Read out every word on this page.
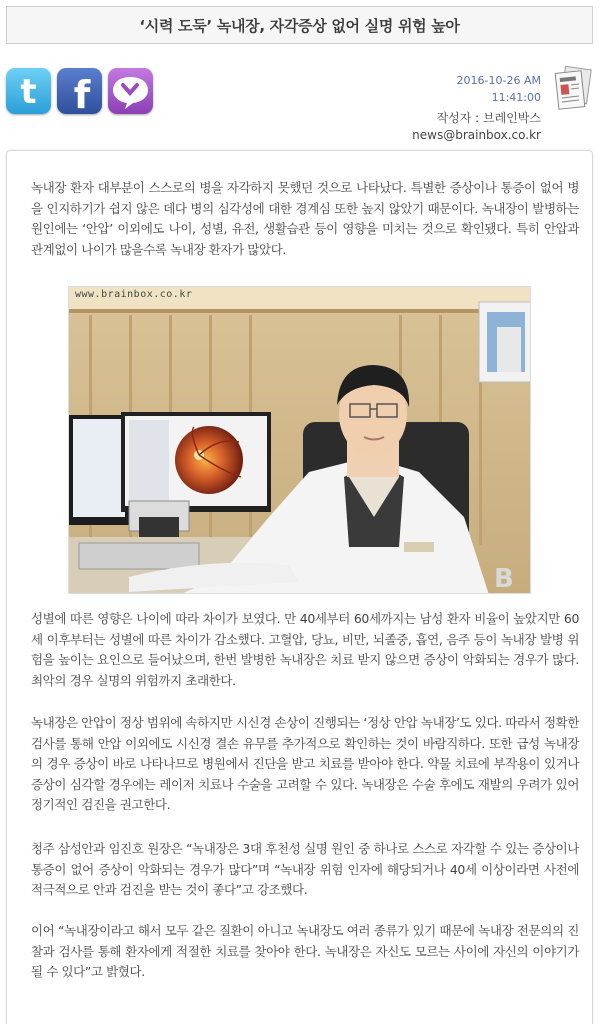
‘시력 도둑’ 녹내장, 자각증상 없어 실명 위험 높아
t f	2016-10-26 AM
11:41:00
작성자 : 브레인박스
news@brainbox.co.kr

녹내장 환자 대부분이 스스로의 병을 자각하지 못했던 것으로 나타났다. 특별한 증상이나 통증이 없어 병을 인지하기가 쉽지 않은 데다 병의 심각성에 대한 경계심 또한 높지 않았기 때문이다. 녹내장이 발병하는 원인에는 ‘안압’ 이외에도 나이, 성별, 유전, 생활습관 등이 영향을 미치는 것으로 확인됐다. 특히 안압과 관계없이 나이가 많을수록 녹내장 환자가 많았다.

B
www.brainbox.co.kr

성별에 따른 영향은 나이에 따라 차이가 보였다. 만 40세부터 60세까지는 남성 환자 비율이 높았지만 60세 이후부터는 성별에 따른 차이가 감소했다. 고혈압, 당뇨, 비만, 뇌졸중, 흡연, 음주 등이 녹내장 발병 위험을 높이는 요인으로 들어났으며, 한번 발병한 녹내장은 치료 받지 않으면 증상이 악화되는 경우가 많다. 최악의 경우 실명의 위험까지 초래한다.

녹내장은 안압이 정상 범위에 속하지만 시신경 손상이 진행되는 ‘정상 안압 녹내장’도 있다. 따라서 정확한 검사를 통해 안압 이외에도 시신경 결손 유무를 추가적으로 확인하는 것이 바람직하다. 또한 급성 녹내장의 경우 증상이 바로 나타나므로 병원에서 진단을 받고 치료를 받아야 한다. 약물 치료에 부작용이 있거나 증상이 심각할 경우에는 레이저 치료나 수술을 고려할 수 있다. 녹내장은 수술 후에도 재발의 우려가 있어 정기적인 검진을 권고한다.

청주 삼성안과 임진호 원장은 “녹내장은 3대 후천성 실명 원인 중 하나로 스스로 자각할 수 있는 증상이나 통증이 없어 증상이 악화되는 경우가 많다”며 “녹내장 위험 인자에 해당되거나 40세 이상이라면 사전에 적극적으로 안과 검진을 받는 것이 좋다”고 강조했다.

이어 “녹내장이라고 해서 모두 같은 질환이 아니고 녹내장도 여러 종류가 있기 때문에 녹내장 전문의의 진찰과 검사를 통해 환자에게 적절한 치료를 찾아야 한다. 녹내장은 자신도 모르는 사이에 자신의 이야기가 될 수 있다”고 밝혔다.
